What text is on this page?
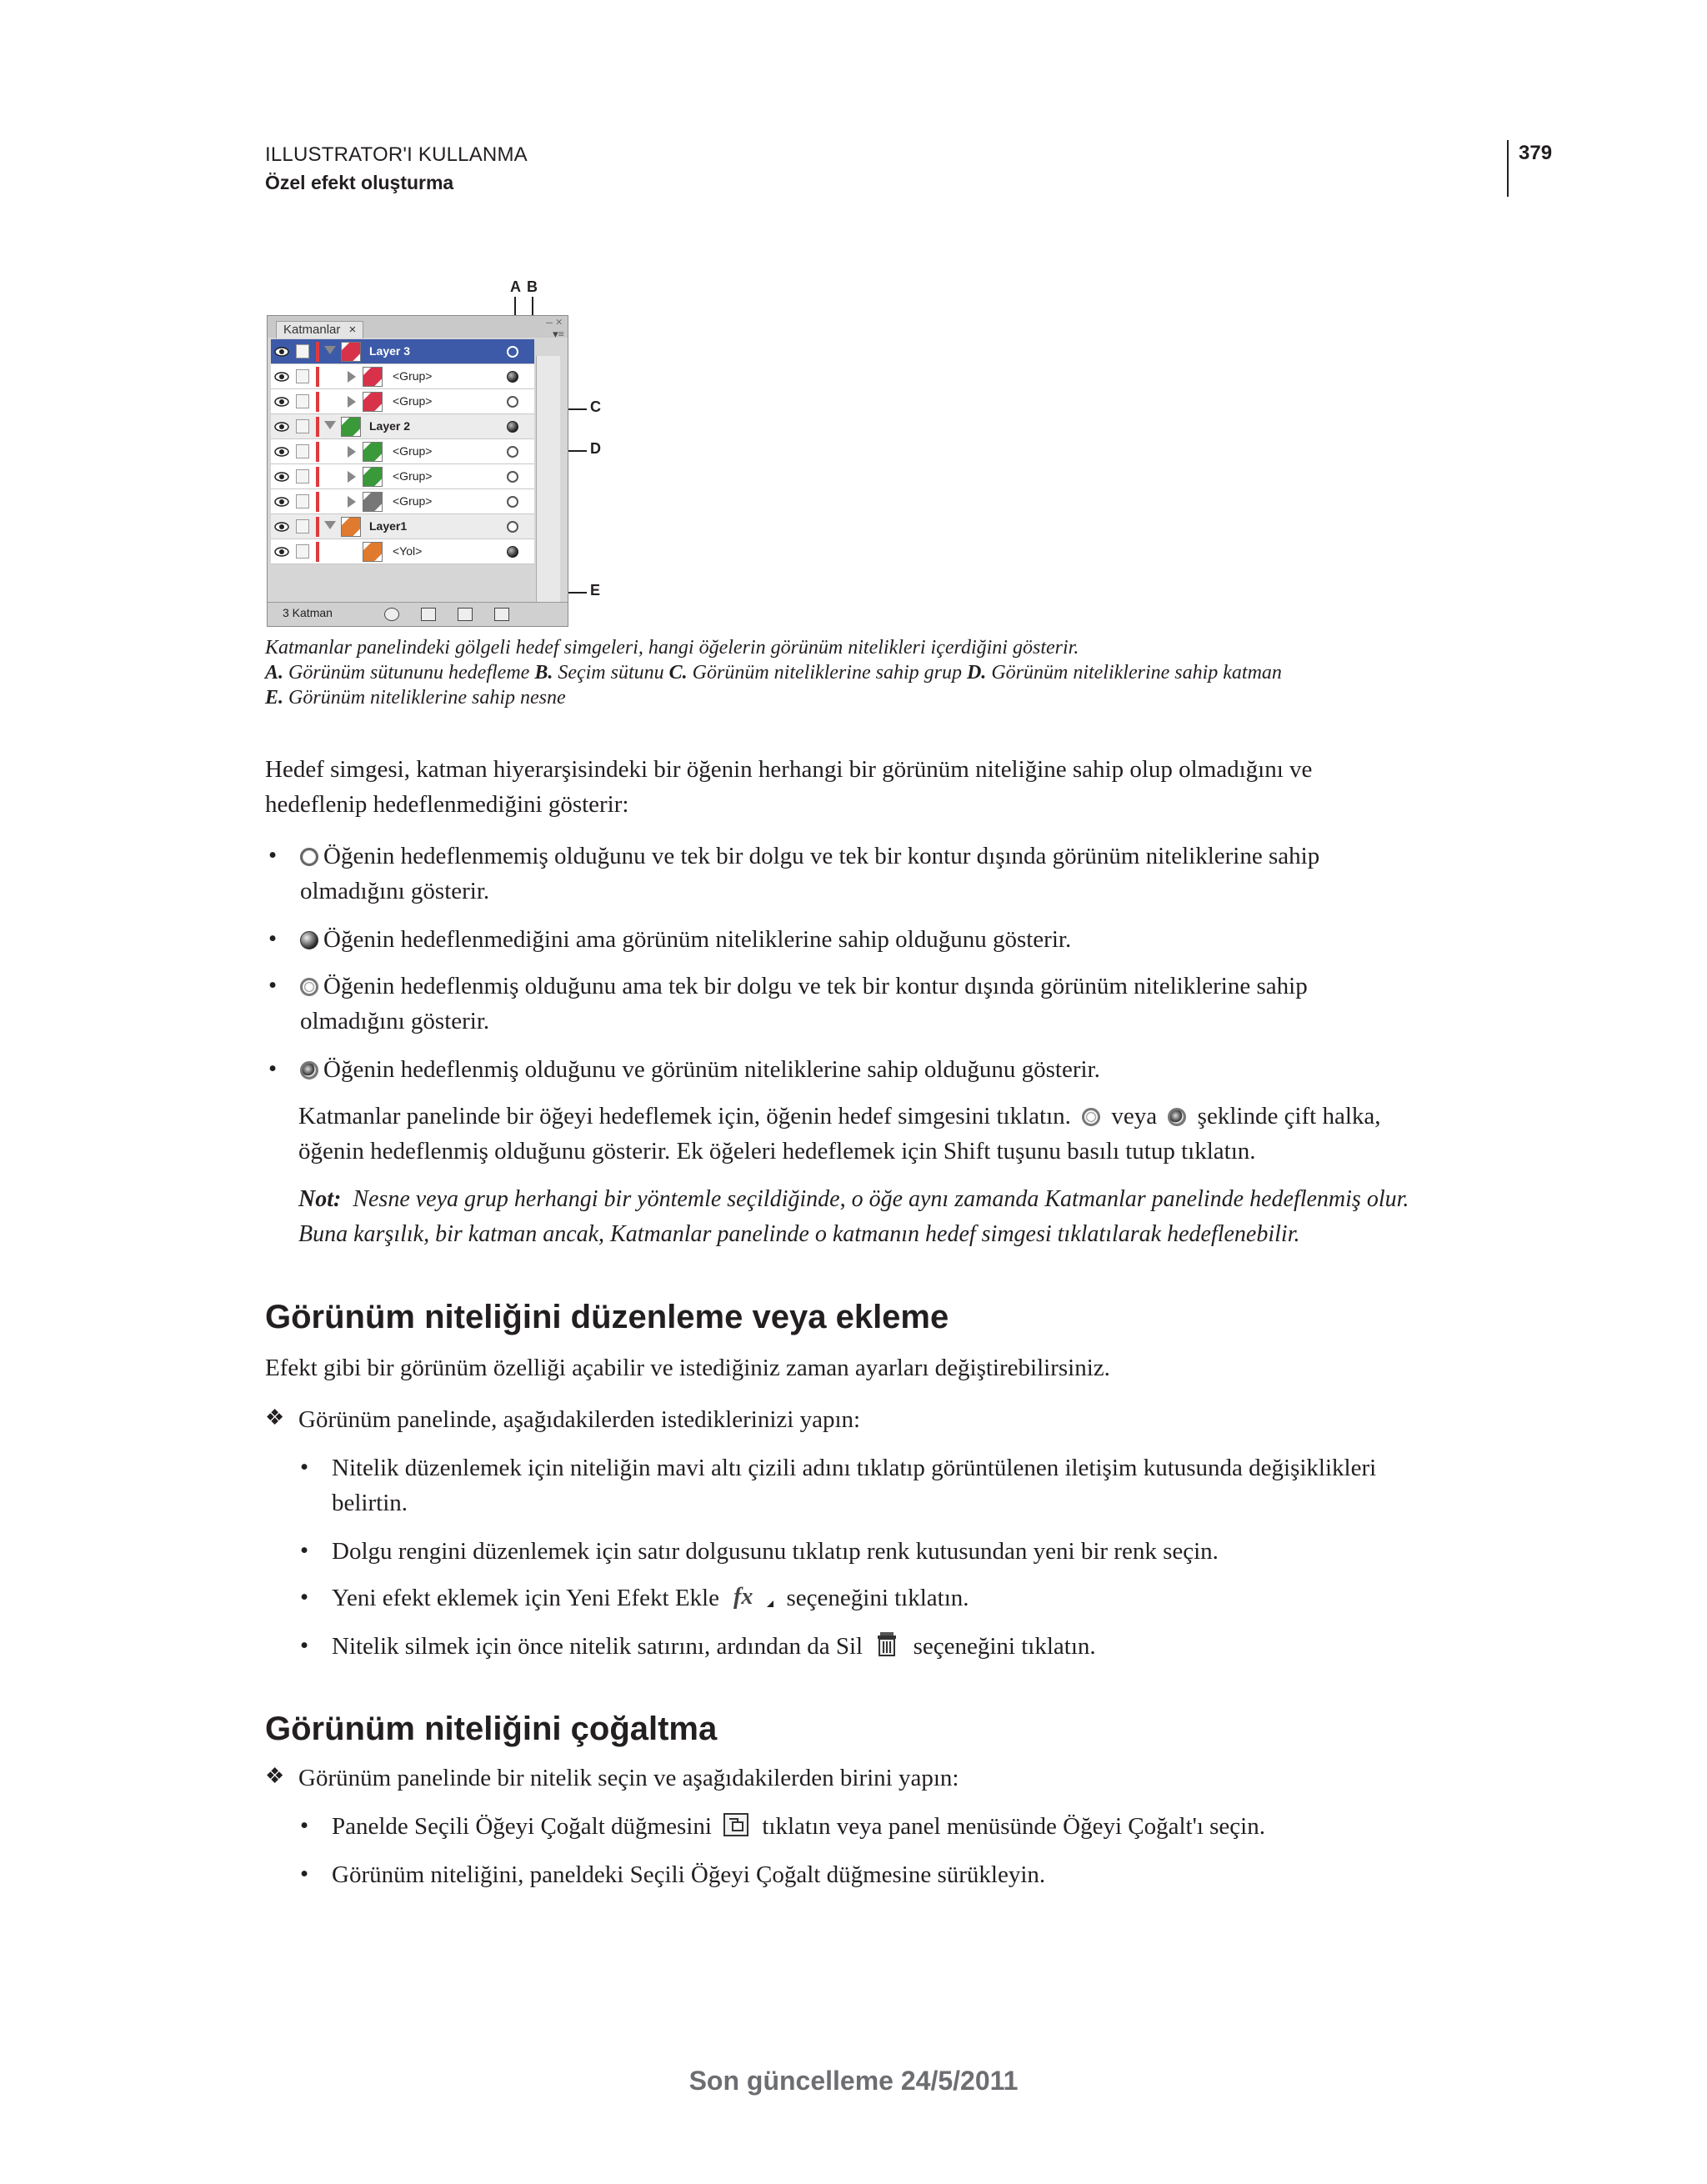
ILLUSTRATOR'I KULLANMA
Özel efekt oluşturma
379
A B
C
D
E
Katmanlar ×	– ×
▾≡
Layer 3
<Grup>
<Grup>
Layer 2
<Grup>
<Grup>
<Grup>
Layer1
<Yol>
3 Katman
Katmanlar panelindeki gölgeli hedef simgeleri, hangi öğelerin görünüm nitelikleri içerdiğini gösterir.
A. Görünüm sütununu hedefleme B. Seçim sütunu C. Görünüm niteliklerine sahip grup D. Görünüm niteliklerine sahip katman
E. Görünüm niteliklerine sahip nesne
Hedef simgesi, katman hiyerarşisindeki bir öğenin herhangi bir görünüm niteliğine sahip olup olmadığını ve
hedeflenip hedeflenmediğini gösterir:
•	Öğenin hedeflenmemiş olduğunu ve tek bir dolgu ve tek bir kontur dışında görünüm niteliklerine sahip
olmadığını gösterir.
•	Öğenin hedeflenmediğini ama görünüm niteliklerine sahip olduğunu gösterir.
•	Öğenin hedeflenmiş olduğunu ama tek bir dolgu ve tek bir kontur dışında görünüm niteliklerine sahip
olmadığını gösterir.
•	Öğenin hedeflenmiş olduğunu ve görünüm niteliklerine sahip olduğunu gösterir.
Katmanlar panelinde bir öğeyi hedeflemek için, öğenin hedef simgesini tıklatın. veya şeklinde çift halka,
öğenin hedeflenmiş olduğunu gösterir. Ek öğeleri hedeflemek için Shift tuşunu basılı tutup tıklatın.
Not: Nesne veya grup herhangi bir yöntemle seçildiğinde, o öğe aynı zamanda Katmanlar panelinde hedeflenmiş olur.
Buna karşılık, bir katman ancak, Katmanlar panelinde o katmanın hedef simgesi tıklatılarak hedeflenebilir.
Görünüm niteliğini düzenleme veya ekleme
Efekt gibi bir görünüm özelliği açabilir ve istediğiniz zaman ayarları değiştirebilirsiniz.
❖ Görünüm panelinde, aşağıdakilerden istediklerinizi yapın:
• Nitelik düzenlemek için niteliğin mavi altı çizili adını tıklatıp görüntülenen iletişim kutusunda değişiklikleri
belirtin.
• Dolgu rengini düzenlemek için satır dolgusunu tıklatıp renk kutusundan yeni bir renk seçin.
• Yeni efekt eklemek için Yeni Efekt Ekle fx seçeneğini tıklatın.
• Nitelik silmek için önce nitelik satırını, ardından da Sil seçeneğini tıklatın.
Görünüm niteliğini çoğaltma
❖ Görünüm panelinde bir nitelik seçin ve aşağıdakilerden birini yapın:
• Panelde Seçili Öğeyi Çoğalt düğmesini tıklatın veya panel menüsünde Öğeyi Çoğalt'ı seçin.
• Görünüm niteliğini, paneldeki Seçili Öğeyi Çoğalt düğmesine sürükleyin.
Son güncelleme 24/5/2011
